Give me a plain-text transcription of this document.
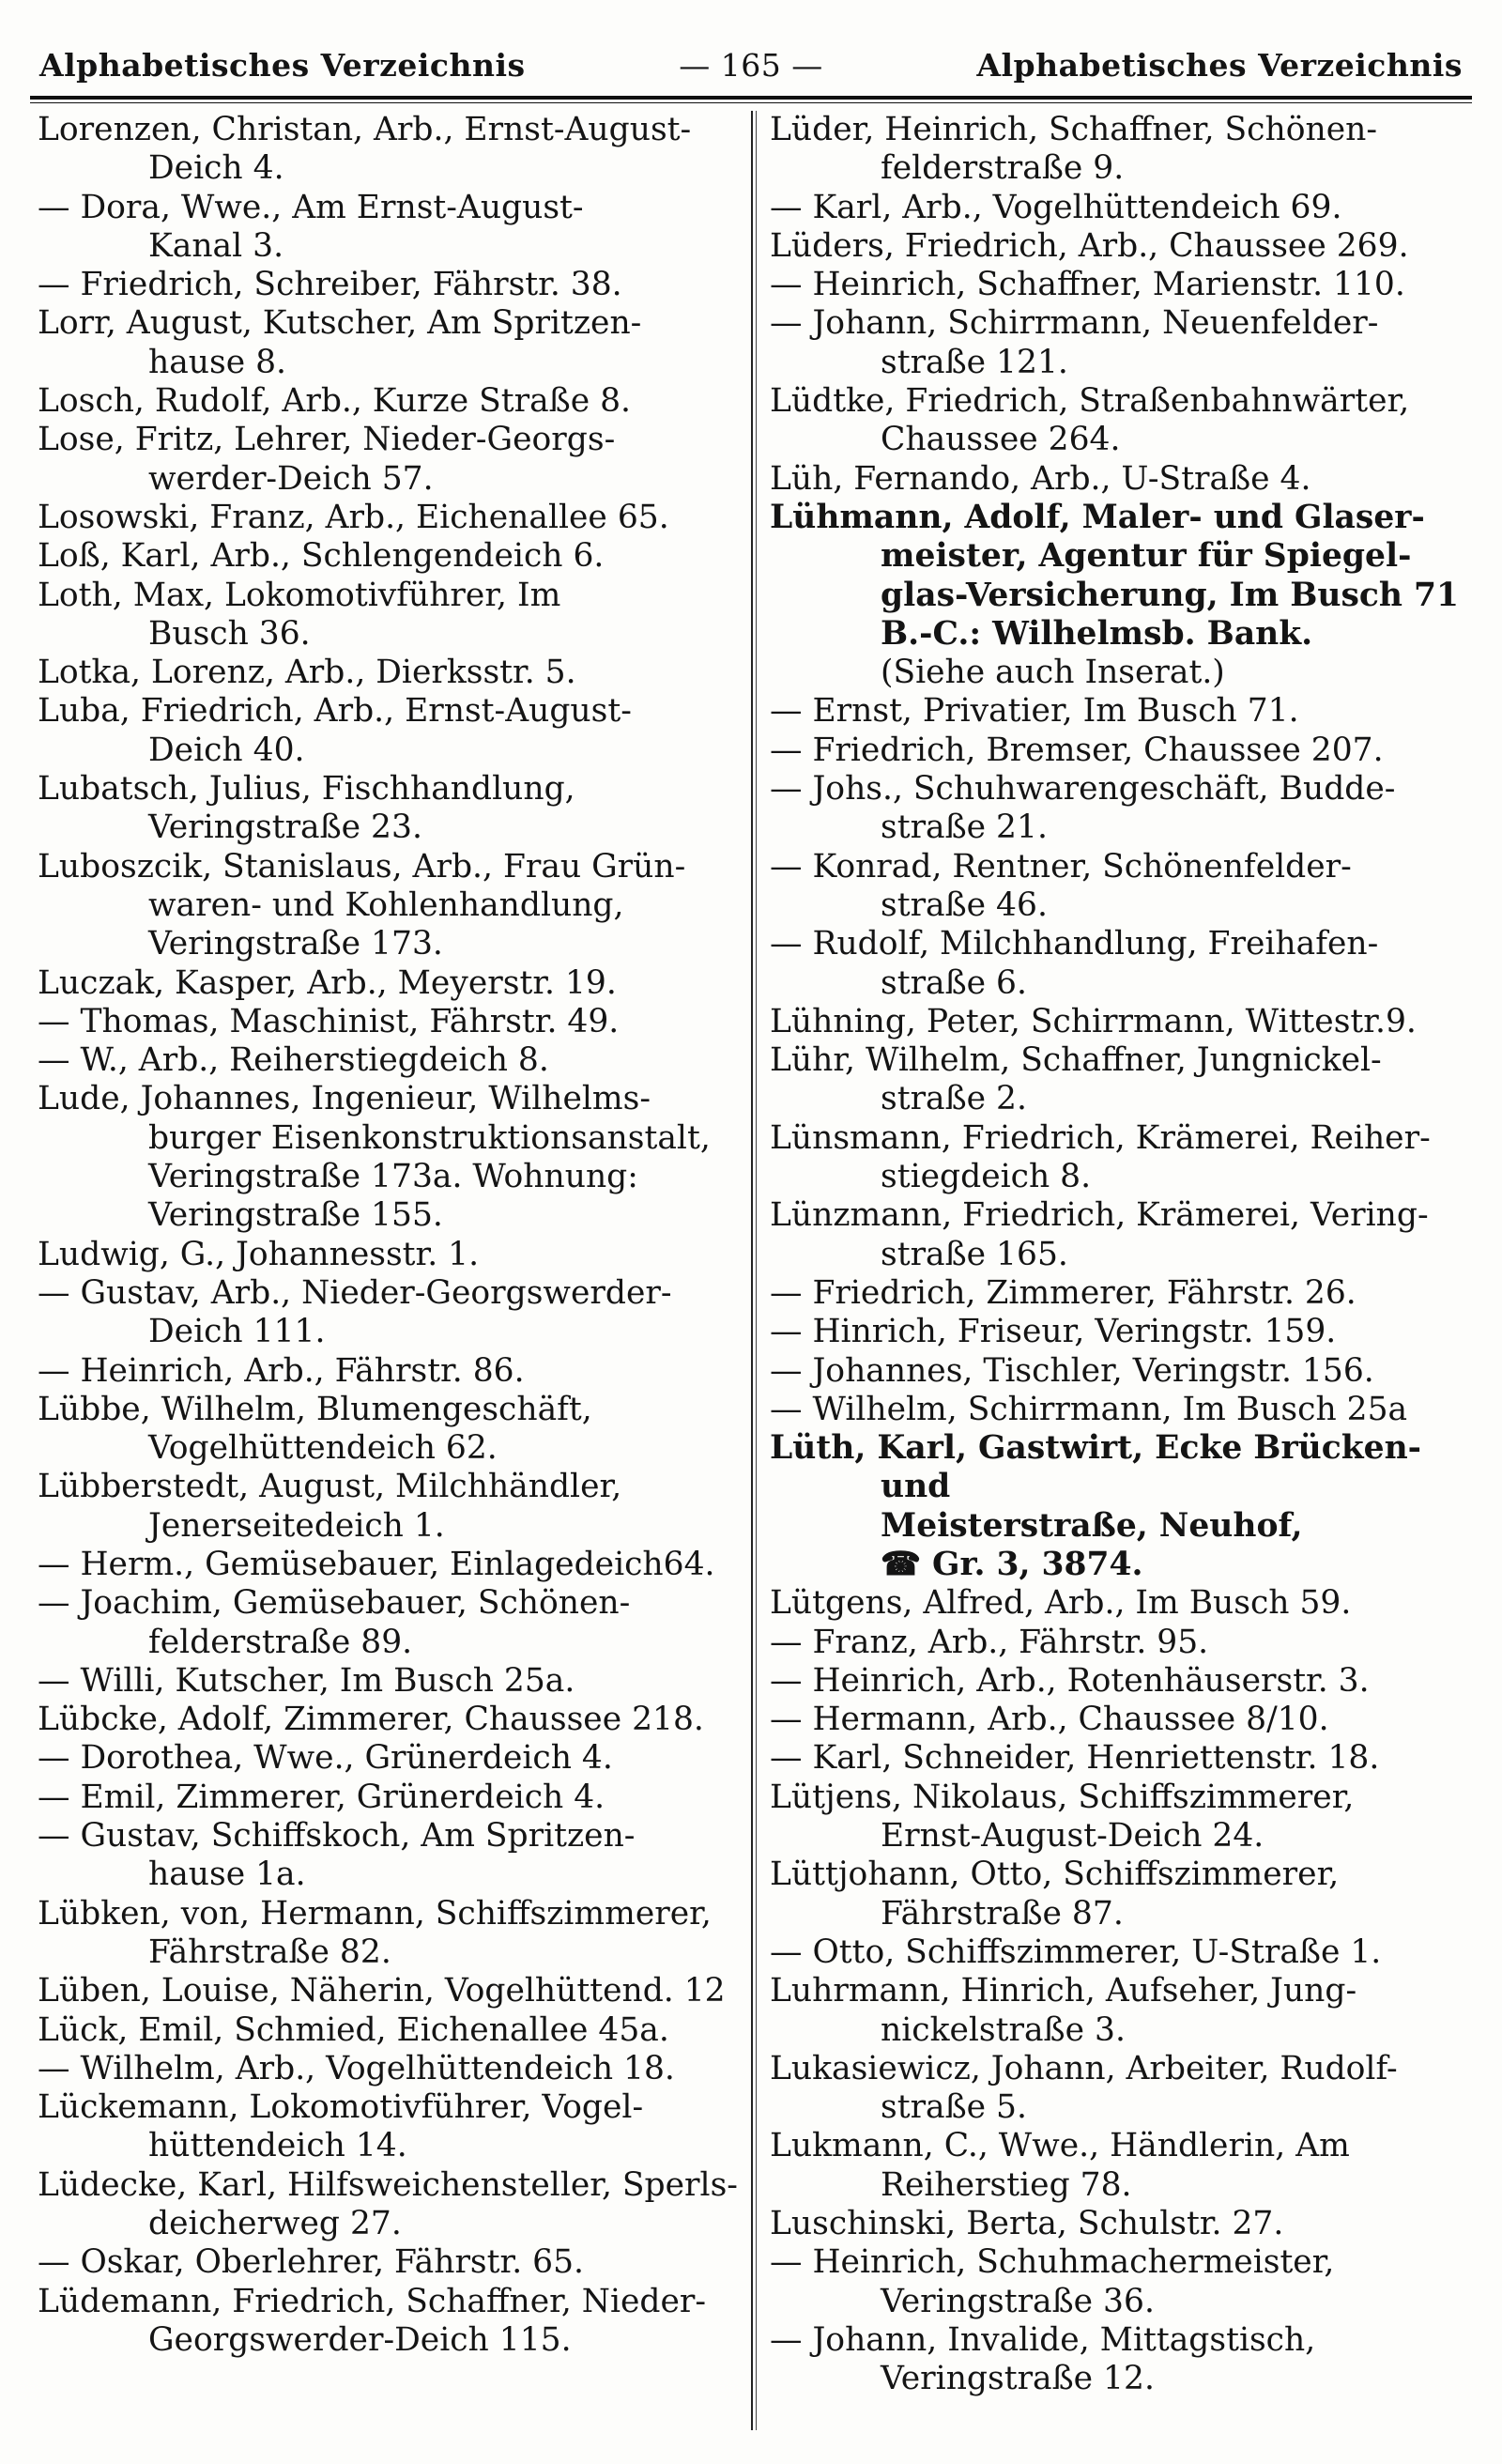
Alphabetisches Verzeichnis	— 165 —	Alphabetisches Verzeichnis
Lorenzen, Christan, Arb., Ernst-August-
Deich 4.
— Dora, Wwe., Am Ernst-August-
Kanal 3.
— Friedrich, Schreiber, Fährstr. 38.
Lorr, August, Kutscher, Am Spritzen-
hause 8.
Losch, Rudolf, Arb., Kurze Straße 8.
Lose, Fritz, Lehrer, Nieder-Georgs-
werder-Deich 57.
Losowski, Franz, Arb., Eichenallee 65.
Loß, Karl, Arb., Schlengendeich 6.
Loth, Max, Lokomotivführer, Im
Busch 36.
Lotka, Lorenz, Arb., Dierksstr. 5.
Luba, Friedrich, Arb., Ernst-August-
Deich 40.
Lubatsch, Julius, Fischhandlung,
Veringstraße 23.
Luboszcik, Stanislaus, Arb., Frau Grün-
waren- und Kohlenhandlung,
Veringstraße 173.
Luczak, Kasper, Arb., Meyerstr. 19.
— Thomas, Maschinist, Fährstr. 49.
— W., Arb., Reiherstiegdeich 8.
Lude, Johannes, Ingenieur, Wilhelms-
burger Eisenkonstruktionsanstalt,
Veringstraße 173a. Wohnung:
Veringstraße 155.
Ludwig, G., Johannesstr. 1.
— Gustav, Arb., Nieder-Georgswerder-
Deich 111.
— Heinrich, Arb., Fährstr. 86.
Lübbe, Wilhelm, Blumengeschäft,
Vogelhüttendeich 62.
Lübberstedt, August, Milchhändler,
Jenerseitedeich 1.
— Herm., Gemüsebauer, Einlagedeich64.
— Joachim, Gemüsebauer, Schönen-
felderstraße 89.
— Willi, Kutscher, Im Busch 25a.
Lübcke, Adolf, Zimmerer, Chaussee 218.
— Dorothea, Wwe., Grünerdeich 4.
— Emil, Zimmerer, Grünerdeich 4.
— Gustav, Schiffskoch, Am Spritzen-
hause 1a.
Lübken, von, Hermann, Schiffszimmerer,
Fährstraße 82.
Lüben, Louise, Näherin, Vogelhüttend. 12
Lück, Emil, Schmied, Eichenallee 45a.
— Wilhelm, Arb., Vogelhüttendeich 18.
Lückemann, Lokomotivführer, Vogel-
hüttendeich 14.
Lüdecke, Karl, Hilfsweichensteller, Sperls-
deicherweg 27.
— Oskar, Oberlehrer, Fährstr. 65.
Lüdemann, Friedrich, Schaffner, Nieder-
Georgswerder-Deich 115.
Lüder, Heinrich, Schaffner, Schönen-
felderstraße 9.
— Karl, Arb., Vogelhüttendeich 69.
Lüders, Friedrich, Arb., Chaussee 269.
— Heinrich, Schaffner, Marienstr. 110.
— Johann, Schirrmann, Neuenfelder-
straße 121.
Lüdtke, Friedrich, Straßenbahnwärter,
Chaussee 264.
Lüh, Fernando, Arb., U-Straße 4.
Lühmann, Adolf, Maler- und Glaser-
meister, Agentur für Spiegel-
glas-Versicherung, Im Busch 71
B.-C.: Wilhelmsb. Bank.
(Siehe auch Inserat.)
— Ernst, Privatier, Im Busch 71.
— Friedrich, Bremser, Chaussee 207.
— Johs., Schuhwarengeschäft, Budde-
straße 21.
— Konrad, Rentner, Schönenfelder-
straße 46.
— Rudolf, Milchhandlung, Freihafen-
straße 6.
Lühning, Peter, Schirrmann, Wittestr.9.
Lühr, Wilhelm, Schaffner, Jungnickel-
straße 2.
Lünsmann, Friedrich, Krämerei, Reiher-
stiegdeich 8.
Lünzmann, Friedrich, Krämerei, Vering-
straße 165.
— Friedrich, Zimmerer, Fährstr. 26.
— Hinrich, Friseur, Veringstr. 159.
— Johannes, Tischler, Veringstr. 156.
— Wilhelm, Schirrmann, Im Busch 25a
Lüth, Karl, Gastwirt, Ecke Brücken- und
Meisterstraße, Neuhof,
☎ Gr. 3, 3874.
Lütgens, Alfred, Arb., Im Busch 59.
— Franz, Arb., Fährstr. 95.
— Heinrich, Arb., Rotenhäuserstr. 3.
— Hermann, Arb., Chaussee 8/10.
— Karl, Schneider, Henriettenstr. 18.
Lütjens, Nikolaus, Schiffszimmerer,
Ernst-August-Deich 24.
Lüttjohann, Otto, Schiffszimmerer,
Fährstraße 87.
— Otto, Schiffszimmerer, U-Straße 1.
Luhrmann, Hinrich, Aufseher, Jung-
nickelstraße 3.
Lukasiewicz, Johann, Arbeiter, Rudolf-
straße 5.
Lukmann, C., Wwe., Händlerin, Am
Reiherstieg 78.
Luschinski, Berta, Schulstr. 27.
— Heinrich, Schuhmachermeister,
Veringstraße 36.
— Johann, Invalide, Mittagstisch,
Veringstraße 12.
